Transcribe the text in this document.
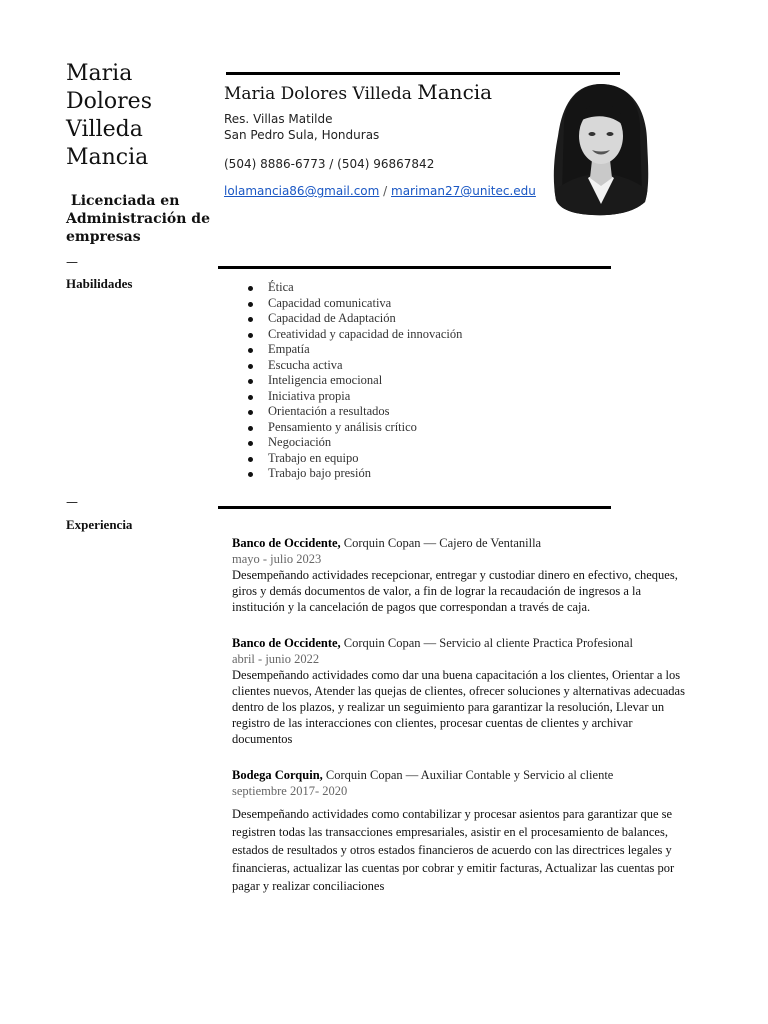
Maria
Dolores
Villeda
Mancia
Licenciada en
Administración de
empresas
—
Habilidades
—
Experiencia
Maria Dolores Villeda Mancia
Res. Villas Matilde
San Pedro Sula, Honduras
(504) 8886-6773 / (504) 96867842
lolamancia86@gmail.com / mariman27@unitec.edu
Ética
Capacidad comunicativa
Capacidad de Adaptación
Creatividad y capacidad de innovación
Empatía
Escucha activa
Inteligencia emocional
Iniciativa propia
Orientación a resultados
Pensamiento y análisis crítico
Negociación
Trabajo en equipo
Trabajo bajo presión
Banco de Occidente, Corquin Copan — Cajero de Ventanilla
mayo - julio 2023
Desempeñando actividades recepcionar, entregar y custodiar dinero en efectivo, cheques, giros y demás documentos de valor, a fin de lograr la recaudación de ingresos a la institución y la cancelación de pagos que correspondan a través de caja.
Banco de Occidente, Corquin Copan — Servicio al cliente Practica Profesional
abril - junio 2022
Desempeñando actividades como dar una buena capacitación a los clientes, Orientar a los clientes nuevos, Atender las quejas de clientes, ofrecer soluciones y alternativas adecuadas dentro de los plazos, y realizar un seguimiento para garantizar la resolución, Llevar un registro de las interacciones con clientes, procesar cuentas de clientes y archivar documentos
Bodega Corquin, Corquin Copan — Auxiliar Contable y Servicio al cliente
septiembre 2017- 2020
Desempeñando actividades como contabilizar y procesar asientos para garantizar que se registren todas las transacciones empresariales, asistir en el procesamiento de balances, estados de resultados y otros estados financieros de acuerdo con las directrices legales y financieras, actualizar las cuentas por cobrar y emitir facturas, Actualizar las cuentas por pagar y realizar conciliaciones
